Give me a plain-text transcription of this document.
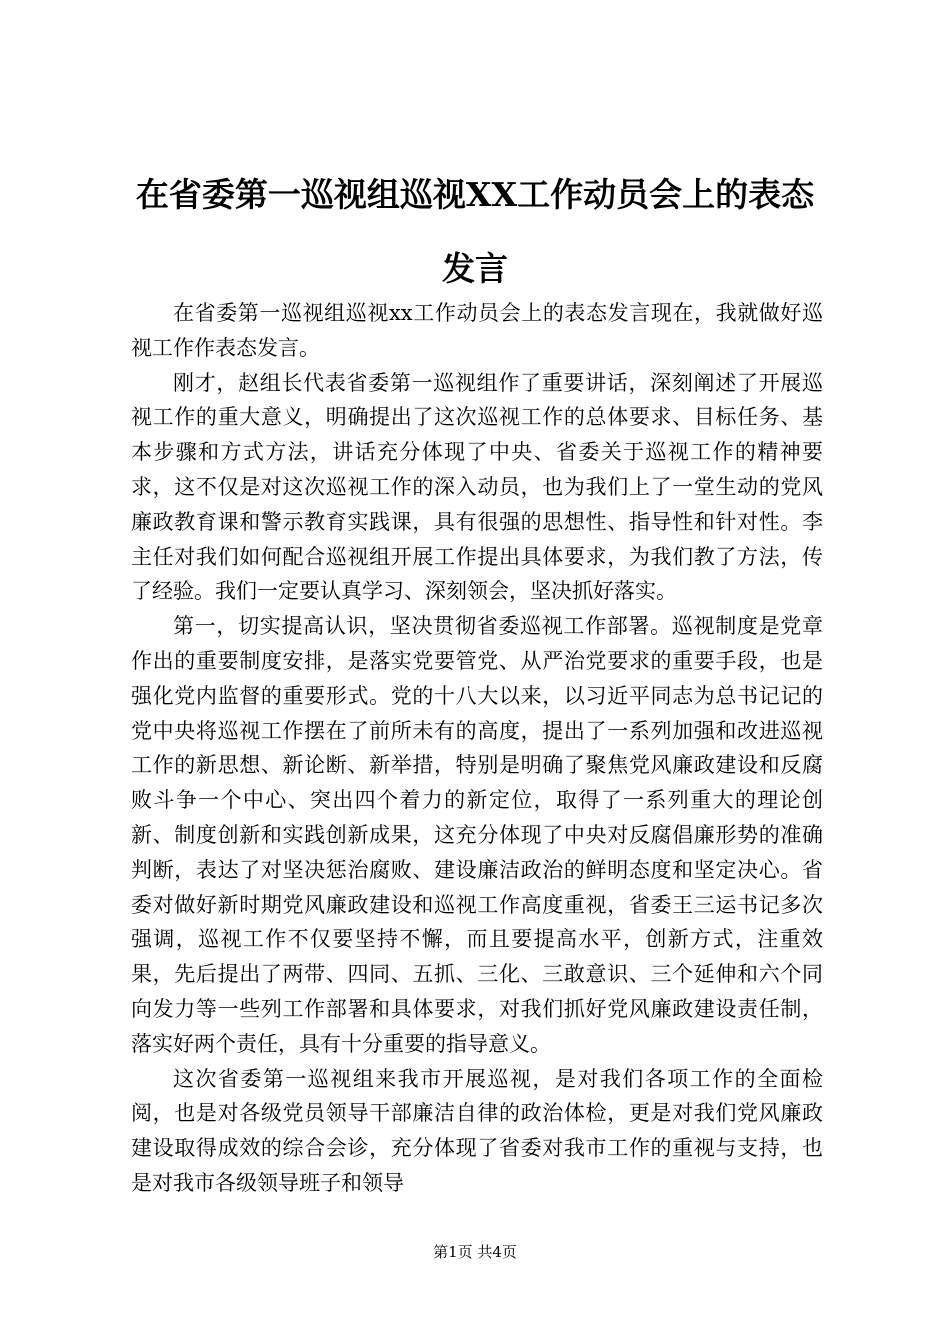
在省委第一巡视组巡视XX工作动员会上的表态发言

在省委第一巡视组巡视xx工作动员会上的表态发言现在，我就做好巡视工作作表态发言。

刚才，赵组长代表省委第一巡视组作了重要讲话，深刻阐述了开展巡视工作的重大意义，明确提出了这次巡视工作的总体要求、目标任务、基本步骤和方式方法，讲话充分体现了中央、省委关于巡视工作的精神要求，这不仅是对这次巡视工作的深入动员，也为我们上了一堂生动的党风廉政教育课和警示教育实践课，具有很强的思想性、指导性和针对性。李主任对我们如何配合巡视组开展工作提出具体要求，为我们教了方法，传了经验。我们一定要认真学习、深刻领会，坚决抓好落实。

第一，切实提高认识，坚决贯彻省委巡视工作部署。巡视制度是党章作出的重要制度安排，是落实党要管党、从严治党要求的重要手段，也是强化党内监督的重要形式。党的十八大以来，以习近平同志为总书记记的党中央将巡视工作摆在了前所未有的高度，提出了一系列加强和改进巡视工作的新思想、新论断、新举措，特别是明确了聚焦党风廉政建设和反腐败斗争一个中心、突出四个着力的新定位，取得了一系列重大的理论创新、制度创新和实践创新成果，这充分体现了中央对反腐倡廉形势的准确判断，表达了对坚决惩治腐败、建设廉洁政治的鲜明态度和坚定决心。省委对做好新时期党风廉政建设和巡视工作高度重视，省委王三运书记多次强调，巡视工作不仅要坚持不懈，而且要提高水平，创新方式，注重效果，先后提出了两带、四同、五抓、三化、三敢意识、三个延伸和六个同向发力等一些列工作部署和具体要求，对我们抓好党风廉政建设责任制，落实好两个责任，具有十分重要的指导意义。

这次省委第一巡视组来我市开展巡视，是对我们各项工作的全面检阅，也是对各级党员领导干部廉洁自律的政治体检，更是对我们党风廉政建设取得成效的综合会诊，充分体现了省委对我市工作的重视与支持，也是对我市各级领导班子和领导

第1页 共4页
